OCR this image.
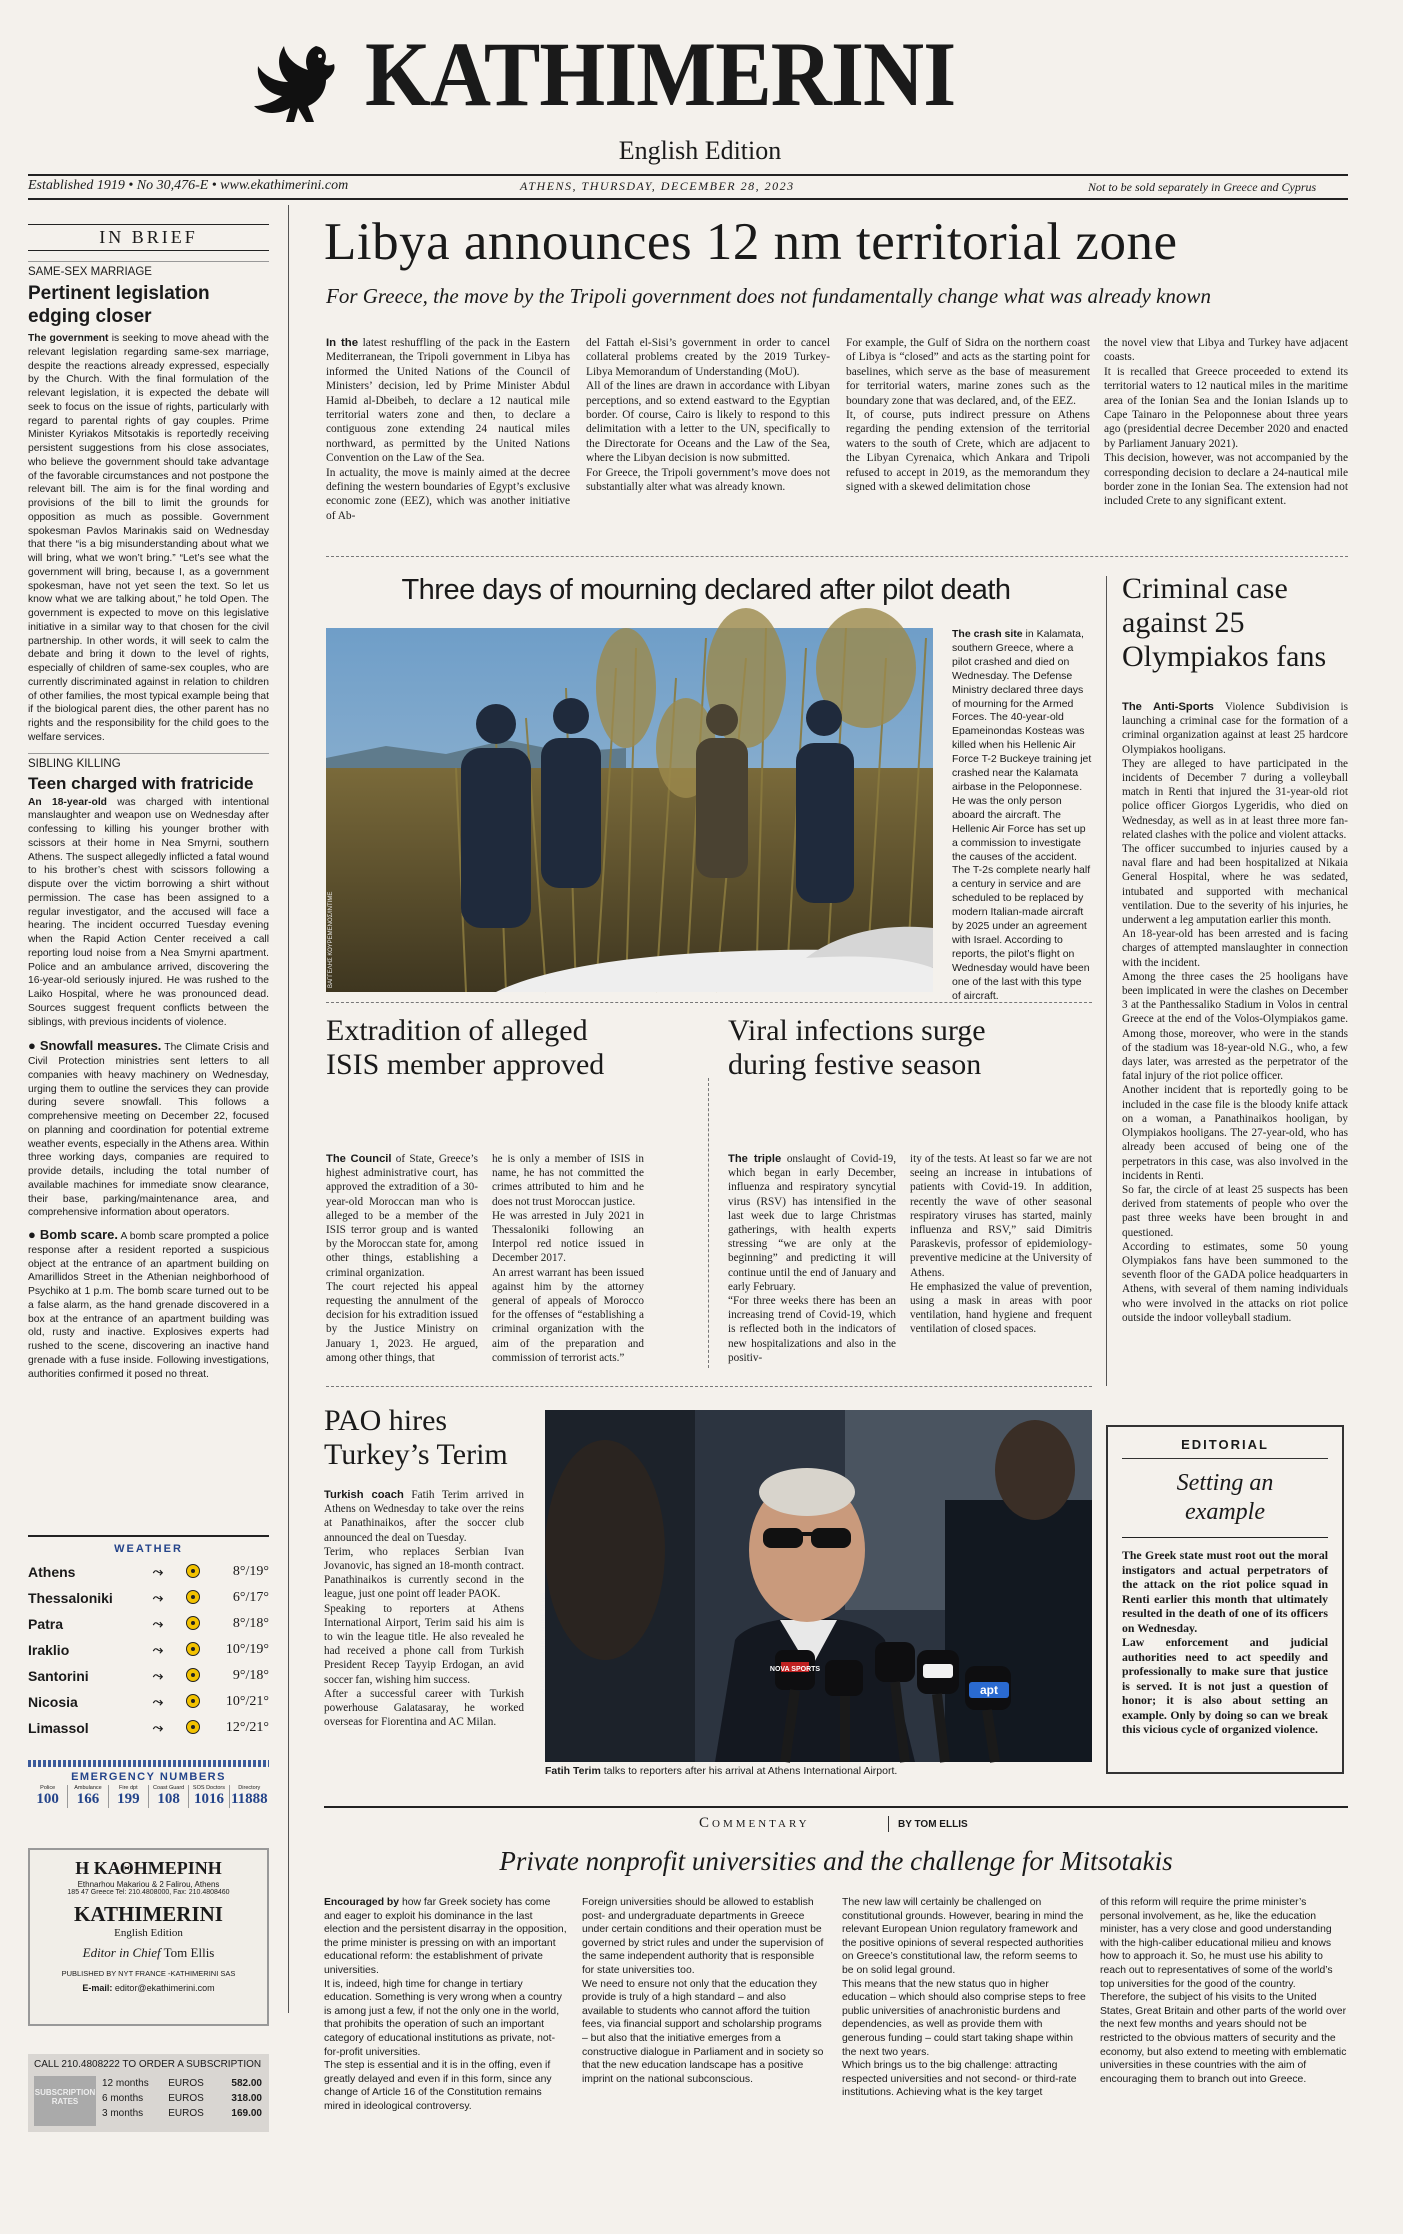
KATHIMERINI
English Edition
Established 1919 • No 30,476-E • www.ekathimerini.com	ATHENS, THURSDAY, DECEMBER 28, 2023	Not to be sold separately in Greece and Cyprus
IN BRIEF
SAME-SEX MARRIAGE
Pertinent legislation edging closer
The government is seeking to move ahead with the relevant legislation regarding same-sex marriage, despite the reactions already expressed, especially by the Church. With the final formulation of the relevant legislation, it is expected the debate will seek to focus on the issue of rights, particularly with regard to parental rights of gay couples. Prime Minister Kyriakos Mitsotakis is reportedly receiving persistent suggestions from his close associates, who believe the government should take advantage of the favorable circumstances and not postpone the relevant bill. The aim is for the final wording and provisions of the bill to limit the grounds for opposition as much as possible. Government spokesman Pavlos Marinakis said on Wednesday that there “is a big misunderstanding about what we will bring, what we won’t bring.” “Let’s see what the government will bring, because I, as a government spokesman, have not yet seen the text. So let us know what we are talking about,” he told Open. The government is expected to move on this legislative initiative in a similar way to that chosen for the civil partnership. In other words, it will seek to calm the debate and bring it down to the level of rights, especially of children of same-sex couples, who are currently discriminated against in relation to children of other families, the most typical example being that if the biological parent dies, the other parent has no rights and the responsibility for the child goes to the welfare services.
SIBLING KILLING
Teen charged with fratricide
An 18-year-old was charged with intentional manslaughter and weapon use on Wednesday after confessing to killing his younger brother with scissors at their home in Nea Smyrni, southern Athens. The suspect allegedly inflicted a fatal wound to his brother’s chest with scissors following a dispute over the victim borrowing a shirt without permission. The case has been assigned to a regular investigator, and the accused will face a hearing. The incident occurred Tuesday evening when the Rapid Action Center received a call reporting loud noise from a Nea Smyrni apartment. Police and an ambulance arrived, discovering the 16-year-old seriously injured. He was rushed to the Laiko Hospital, where he was pronounced dead. Sources suggest frequent conflicts between the siblings, with previous incidents of violence.
● Snowfall measures. The Climate Crisis and Civil Protection ministries sent letters to all companies with heavy machinery on Wednesday, urging them to outline the services they can provide during severe snowfall. This follows a comprehensive meeting on December 22, focused on planning and coordination for potential extreme weather events, especially in the Athens area. Within three working days, companies are required to provide details, including the total number of available machines for immediate snow clearance, their base, parking/maintenance area, and comprehensive information about operators.
● Bomb scare. A bomb scare prompted a police response after a resident reported a suspicious object at the entrance of an apartment building on Amarillidos Street in the Athenian neighborhood of Psychiko at 1 p.m. The bomb scare turned out to be a false alarm, as the hand grenade discovered in a box at the entrance of an apartment building was old, rusty and inactive. Explosives experts had rushed to the scene, discovering an inactive hand grenade with a fuse inside. Following investigations, authorities confirmed it posed no threat.
WEATHER
Athens	⤳		8°/19°
Thessaloniki	⤳		6°/17°
Patra	⤳		8°/18°
Iraklio	⤳		10°/19°
Santorini	⤳		9°/18°
Nicosia	⤳		10°/21°
Limassol	⤳		12°/21°
EMERGENCY NUMBERS
Police
100
Ambulance
166
Fire dpt
199
Coast Guard
108
SOS Doctors
1016
Directory
11888
Η ΚΑΘΗΜΕΡΙΝΗ
Ethnarhou Makariou & 2 Falirou, Athens
185 47 Greece Tel: 210.4808000, Fax: 210.4808460
KATHIMERINI
English Edition
Editor in Chief Tom Ellis
PUBLISHED BY NYT FRANCE -KATHIMERINI SAS
E-mail: editor@ekathimerini.com
CALL 210.4808222 TO ORDER A SUBSCRIPTION
SUBSCRIPTION RATES
12 months	EUROS	582.00
6 months	EUROS	318.00
3 months	EUROS	169.00
Libya announces 12 nm territorial zone
For Greece, the move by the Tripoli government does not fundamentally change what was already known
In the latest reshuffling of the pack in the Eastern Mediterranean, the Tripoli government in Libya has informed the United Nations of the Council of Ministers’ decision, led by Prime Minister Abdul Hamid al-Dbeibeh, to declare a 12 nautical mile territorial waters zone and then, to declare a contiguous zone extending 24 nautical miles northward, as permitted by the United Nations Convention on the Law of the Sea.
In actuality, the move is mainly aimed at the decree defining the western boundaries of Egypt’s exclusive economic zone (EEZ), which was another initiative of Ab-
del Fattah el-Sisi’s government in order to cancel collateral problems created by the 2019 Turkey-Libya Memorandum of Understanding (MoU).
All of the lines are drawn in accordance with Libyan perceptions, and so extend eastward to the Egyptian border. Of course, Cairo is likely to respond to this delimitation with a letter to the UN, specifically to the Directorate for Oceans and the Law of the Sea, where the Libyan decision is now submitted.
For Greece, the Tripoli government’s move does not substantially alter what was already known.
For example, the Gulf of Sidra on the northern coast of Libya is “closed” and acts as the starting point for baselines, which serve as the base of measurement for territorial waters, marine zones such as the boundary zone that was declared, and, of the EEZ.
It, of course, puts indirect pressure on Athens regarding the pending extension of the territorial waters to the south of Crete, which are adjacent to the Libyan Cyrenaica, which Ankara and Tripoli refused to accept in 2019, as the memorandum they signed with a skewed delimitation chose
the novel view that Libya and Turkey have adjacent coasts.
It is recalled that Greece proceeded to extend its territorial waters to 12 nautical miles in the maritime area of the Ionian Sea and the Ionian Islands up to Cape Tainaro in the Peloponnese about three years ago (presidential decree December 2020 and enacted by Parliament January 2021).
This decision, however, was not accompanied by the corresponding decision to declare a 24-nautical mile border zone in the Ionian Sea. The extension had not included Crete to any significant extent.
Three days of mourning declared after pilot death
ΒΑΓΓΕΛΗΣ ΚΟΥΡΕΜΕΝΟΣ/ΙΝΤΙΜΕ
The crash site in Kalamata, southern Greece, where a pilot crashed and died on Wednesday. The Defense Ministry declared three days of mourning for the Armed Forces. The 40-year-old Epameinondas Kosteas was killed when his Hellenic Air Force T-2 Buckeye training jet crashed near the Kalamata airbase in the Peloponnese. He was the only person aboard the aircraft. The Hellenic Air Force has set up a commission to investigate the causes of the accident. The T-2s complete nearly half a century in service and are scheduled to be replaced by modern Italian-made aircraft by 2025 under an agreement with Israel. According to reports, the pilot’s flight on Wednesday would have been one of the last with this type of aircraft.
Criminal case against 25 Olympiakos fans
The Anti-Sports Violence Subdivision is launching a criminal case for the formation of a criminal organization against at least 25 hardcore Olympiakos hooligans.
They are alleged to have participated in the incidents of December 7 during a volleyball match in Renti that injured the 31-year-old riot police officer Giorgos Lygeridis, who died on Wednesday, as well as in at least three more fan-related clashes with the police and violent attacks.
The officer succumbed to injuries caused by a naval flare and had been hospitalized at Nikaia General Hospital, where he was sedated, intubated and supported with mechanical ventilation. Due to the severity of his injuries, he underwent a leg amputation earlier this month.
An 18-year-old has been arrested and is facing charges of attempted manslaughter in connection with the incident.
Among the three cases the 25 hooligans have been implicated in were the clashes on December 3 at the Panthessaliko Stadium in Volos in central Greece at the end of the Volos-Olympiakos game. Among those, moreover, who were in the stands of the stadium was 18-year-old N.G., who, a few days later, was arrested as the perpetrator of the fatal injury of the riot police officer.
Another incident that is reportedly going to be included in the case file is the bloody knife attack on a woman, a Panathinaikos hooligan, by Olympiakos hooligans. The 27-year-old, who has already been accused of being one of the perpetrators in this case, was also involved in the incidents in Renti.
So far, the circle of at least 25 suspects has been derived from statements of people who over the past three weeks have been brought in and questioned.
According to estimates, some 50 young Olympiakos fans have been summoned to the seventh floor of the GADA police headquarters in Athens, with several of them naming individuals who were involved in the attacks on riot police outside the indoor volleyball stadium.
Extradition of alleged ISIS member approved
The Council of State, Greece’s highest administrative court, has approved the extradition of a 30-year-old Moroccan man who is alleged to be a member of the ISIS terror group and is wanted by the Moroccan state for, among other things, establishing a criminal organization.
The court rejected his appeal requesting the annulment of the decision for his extradition issued by the Justice Ministry on January 1, 2023. He argued, among other things, that
he is only a member of ISIS in name, he has not committed the crimes attributed to him and he does not trust Moroccan justice.
He was arrested in July 2021 in Thessaloniki following an Interpol red notice issued in December 2017.
An arrest warrant has been issued against him by the attorney general of appeals of Morocco for the offenses of “establishing a criminal organization with the aim of the preparation and commission of terrorist acts.”
Viral infections surge during festive season
The triple onslaught of Covid-19, which began in early December, influenza and respiratory syncytial virus (RSV) has intensified in the last week due to large Christmas gatherings, with health experts stressing “we are only at the beginning” and predicting it will continue until the end of January and early February.
“For three weeks there has been an increasing trend of Covid-19, which is reflected both in the indicators of new hospitalizations and also in the positiv-
ity of the tests. At least so far we are not seeing an increase in intubations of patients with Covid-19. In addition, recently the wave of other seasonal respiratory viruses has started, mainly influenza and RSV,” said Dimitris Paraskevis, professor of epidemiology-preventive medicine at the University of Athens.
He emphasized the value of prevention, using a mask in areas with poor ventilation, hand hygiene and frequent ventilation of closed spaces.
PAO hires Turkey’s Terim
Turkish coach Fatih Terim arrived in Athens on Wednesday to take over the reins at Panathinaikos, after the soccer club announced the deal on Tuesday.
Terim, who replaces Serbian Ivan Jovanovic, has signed an 18-month contract. Panathinaikos is currently second in the league, just one point off leader PAOK.
Speaking to reporters at Athens International Airport, Terim said his aim is to win the league title. He also revealed he had received a phone call from Turkish President Recep Tayyip Erdogan, an avid soccer fan, wishing him success.
After a successful career with Turkish powerhouse Galatasaray, he worked overseas for Fiorentina and AC Milan.
NOVA SPORTS
apt
ΑΛΕΞΑΝΔΡΟΣ ΣΤΑΜΑΤΙΟΥ/INTIME NEWS
Fatih Terim talks to reporters after his arrival at Athens International Airport.
EDITORIAL
Setting an example
The Greek state must root out the moral instigators and actual perpetrators of the attack on the riot police squad in Renti earlier this month that ultimately resulted in the death of one of its officers on Wednesday.
Law enforcement and judicial authorities need to act speedily and professionally to make sure that justice is served. It is not just a question of honor; it is also about setting an example. Only by doing so can we break this vicious cycle of organized violence.
Commentary	BY TOM ELLIS
Private nonprofit universities and the challenge for Mitsotakis
Encouraged by how far Greek society has come and eager to exploit his dominance in the last election and the persistent disarray in the opposition, the prime minister is pressing on with an important educational reform: the establishment of private universities.
It is, indeed, high time for change in tertiary education. Something is very wrong when a country is among just a few, if not the only one in the world, that prohibits the operation of such an important category of educational institutions as private, not-for-profit universities.
The step is essential and it is in the offing, even if greatly delayed and even if in this form, since any change of Article 16 of the Constitution remains mired in ideological controversy.
Foreign universities should be allowed to establish post- and undergraduate departments in Greece under certain conditions and their operation must be governed by strict rules and under the supervision of the same independent authority that is responsible for state universities too.
We need to ensure not only that the education they provide is truly of a high standard – and also available to students who cannot afford the tuition fees, via financial support and scholarship programs – but also that the initiative emerges from a constructive dialogue in Parliament and in society so that the new education landscape has a positive imprint on the national subconscious.
The new law will certainly be challenged on constitutional grounds. However, bearing in mind the relevant European Union regulatory framework and the positive opinions of several respected authorities on Greece’s constitutional law, the reform seems to be on solid legal ground.
This means that the new status quo in higher education – which should also comprise steps to free public universities of anachronistic burdens and dependencies, as well as provide them with generous funding – could start taking shape within the next two years.
Which brings us to the big challenge: attracting respected universities and not second- or third-rate institutions. Achieving what is the key target
of this reform will require the prime minister’s personal involvement, as he, like the education minister, has a very close and good understanding with the high-caliber educational milieu and knows how to approach it. So, he must use his ability to reach out to representatives of some of the world’s top universities for the good of the country.
Therefore, the subject of his visits to the United States, Great Britain and other parts of the world over the next few months and years should not be restricted to the obvious matters of security and the economy, but also extend to meeting with emblematic universities in these countries with the aim of encouraging them to branch out into Greece.
